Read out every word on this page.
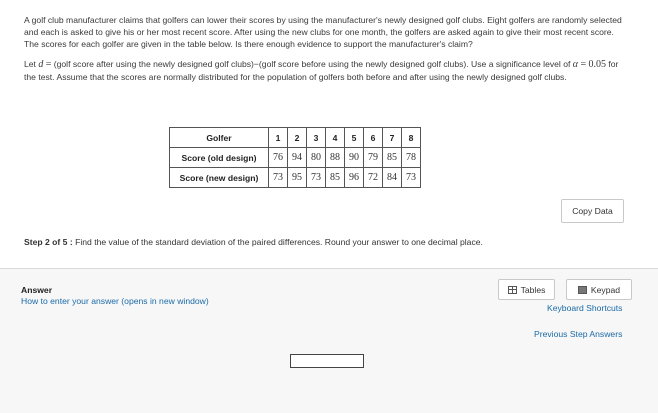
A golf club manufacturer claims that golfers can lower their scores by using the manufacturer's newly designed golf clubs. Eight golfers are randomly selected and each is asked to give his or her most recent score. After using the new clubs for one month, the golfers are asked again to give their most recent score. The scores for each golfer are given in the table below. Is there enough evidence to support the manufacturer's claim?

Let d = (golf score after using the newly designed golf clubs)−(golf score before using the newly designed golf clubs). Use a significance level of α = 0.05 for the test. Assume that the scores are normally distributed for the population of golfers both before and after using the newly designed golf clubs.

Golfer	1	2	3	4	5	6	7	8
Score (old design)	76	94	80	88	90	79	85	78
Score (new design)	73	95	73	85	96	72	84	73
Copy Data
Step 2 of 5 : Find the value of the standard deviation of the paired differences. Round your answer to one decimal place.
Answer
How to enter your answer (opens in new window)
Tables	Keypad
Keyboard Shortcuts
Previous Step Answers
